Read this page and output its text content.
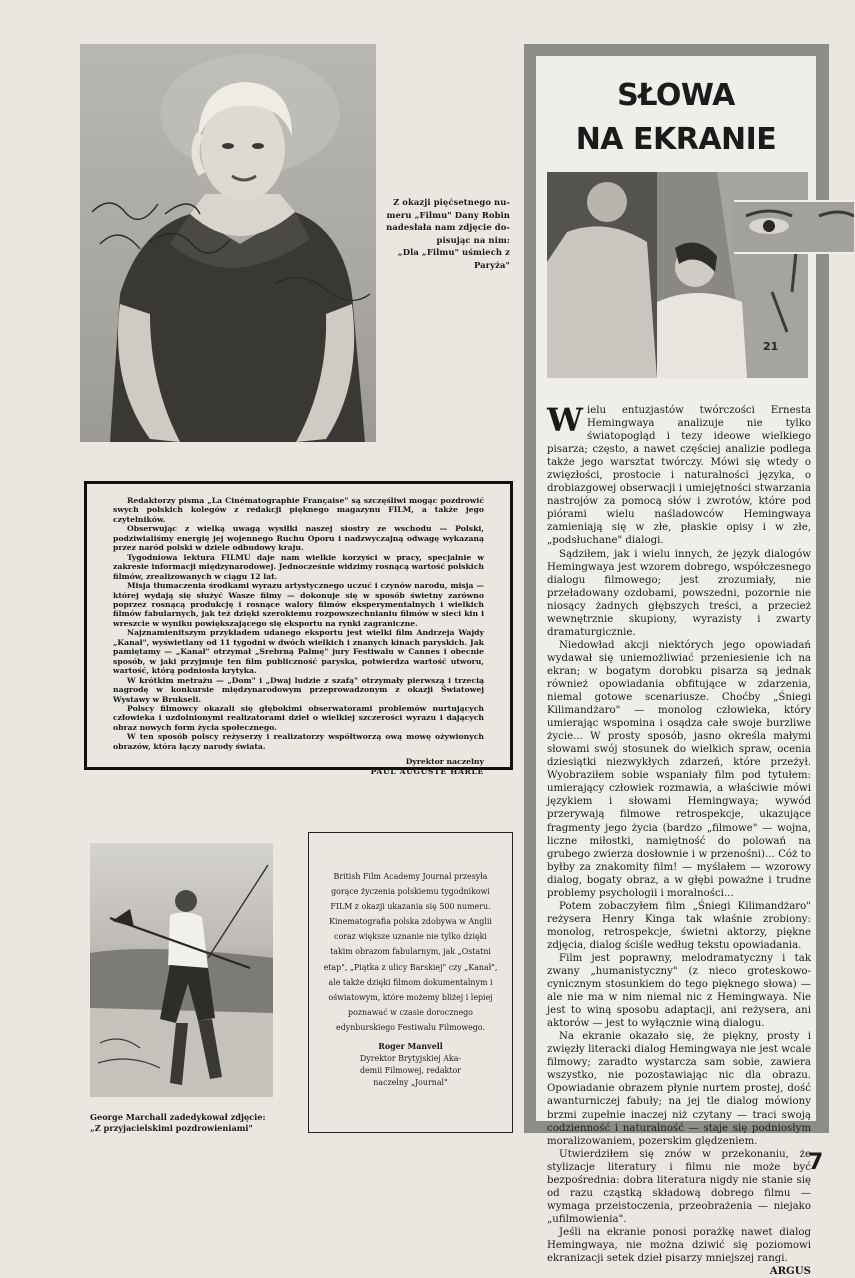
Z okazji pięćsetnego nu-
meru „Filmu" Dany Robin
nadesłała nam zdjęcie do-
pisując na nim:
„Dla „Filmu" uśmiech z
Paryża"

Redaktorzy pisma „La Cinématographie Française" są szczęśliwi mogąc pozdrowić swych polskich kolegów z redakcji pięknego magazynu FILM, a także jego czytelników.

Obserwując z wielką uwagą wysiłki naszej siostry ze wschodu — Polski, podziwialiśmy energię jej wojennego Ruchu Oporu i nadzwyczajną odwagę wykazaną przez naród polski w dziele odbudowy kraju.

Tygodniowa lektura FILMU daje nam wielkie korzyści w pracy, specjalnie w zakresie informacji międzynarodowej. Jednocześnie widzimy rosnącą wartość polskich filmów, zrealizowanych w ciągu 12 lat.

Misja tłumaczenia środkami wyrazu artystycznego uczuć i czynów narodu, misja — której wydają się służyć Wasze filmy — dokonuje się w sposób świetny zarówno poprzez rosnącą produkcję i rosnące walory filmów eksperymentalnych i wielkich filmów fabularnych, jak też dzięki szerokiemu rozpowszechnianiu filmów w sieci kin i wreszcie w wyniku powiększającego się eksportu na rynki zagraniczne.

Najznamienitszym przykładem udanego eksportu jest wielki film Andrzeja Wajdy „Kanał", wyświetlany od 11 tygodni w dwóch wielkich i znanych kinach paryskich. Jak pamiętamy — „Kanał" otrzymał „Srebrną Palmę" jury Festiwalu w Cannes i obecnie sposób, w jaki przyjmuje ten film publiczność paryska, potwierdza wartość utworu, wartość, którą podniosła krytyka.

W krótkim metrażu — „Dom" i „Dwaj ludzie z szafą" otrzymały pierwszą i trzecią nagrodę w konkursie międzynarodowym przeprowadzonym z okazji Światowej Wystawy w Brukseli.

Polscy filmowcy okazali się głębokimi obserwatorami problemów nurtujących człowieka i uzdolnionymi realizatorami dzieł o wielkiej szczerości wyrazu i dających obraz nowych form życia społecznego.

W ten sposób polscy reżyserzy i realizatorzy współtworzą ową mowę ożywionych obrazów, która łączy narody świata.

Dyrektor naczelny

PAUL AUGUSTE HARLE

George Marchall zadedykował zdjęcie:
„Z przyjacielskimi pozdrowieniami"
British Film Academy Journal przesyła gorące życzenia polskiemu tygodnikowi FILM z okazji ukazania się 500 numeru. Kinematografia polska zdobywa w Anglii coraz większe uznanie nie tylko dzięki takim obrazom fabularnym, jak „Ostatni etap", „Piątka z ulicy Barskiej" czy „Kanał", ale także dzięki filmom dokumentalnym i oświatowym, które możemy bliżej i lepiej poznawać w czasie dorocznego edynburskiego Festiwalu Filmowego.
Roger Manvell
Dyrektor Brytyjskiej Aka-
demii Filmowej, redaktor
naczelny „Journal"
SŁOWA
NA EKRANIE
21

Wielu entuzjastów twórczości Ernesta Hemingwaya analizuje nie tylko światopogląd i tezy ideowe wielkiego pisarza; często, a nawet częściej analizie podlega także jego warsztat twórczy. Mówi się wtedy o zwięzłości, prostocie i naturalności języka, o drobiazgowej obserwacji i umiejętności stwarzania nastrojów za pomocą słów i zwrotów, które pod piórami wielu naśladowców Hemingwaya zamieniają się w złe, płaskie opisy i w złe, „podsłuchane" dialogi.

Sądziłem, jak i wielu innych, że język dialogów Hemingwaya jest wzorem dobrego, współczesnego dialogu filmowego; jest zrozumiały, nie przeładowany ozdobami, powszedni, pozornie nie niosący żadnych głębszych treści, a przecież wewnętrznie skupiony, wyrazisty i zwarty dramaturgicznie.

Niedowład akcji niektórych jego opowiadań wydawał się uniemożliwiać przeniesienie ich na ekran; w bogatym dorobku pisarza są jednak również opowiadania obfitujące w zdarzenia, niemal gotowe scenariusze. Choćby „Śniegi Kilimandżaro" — monolog człowieka, który umierając wspomina i osądza całe swoje burzliwe życie... W prosty sposób, jasno określa małymi słowami swój stosunek do wielkich spraw, ocenia dziesiątki niezwykłych zdarzeń, które przeżył. Wyobraziłem sobie wspaniały film pod tytułem: umierający człowiek rozmawia, a właściwie mówi językiem i słowami Hemingwaya; wywód przerywają filmowe retrospekcje, ukazujące fragmenty jego życia (bardzo „filmowe" — wojna, liczne miłostki, namiętność do polowań na grubego zwierza dosłownie i w przenośni)... Cóż to byłby za znakomity film! — myślałem — wzorowy dialog, bogaty obraz, a w głębi poważne i trudne problemy psychologii i moralności...

Potem zobaczyłem film „Śniegi Kilimandżaro" reżysera Henry Kinga tak właśnie zrobiony: monolog, retrospekcje, świetni aktorzy, piękne zdjęcia, dialog ściśle według tekstu opowiadania.

Film jest poprawny, melodramatyczny i tak zwany „humanistyczny" (z nieco groteskowo-cynicznym stosunkiem do tego pięknego słowa) — ale nie ma w nim niemal nic z Hemingwaya. Nie jest to winą sposobu adaptacji, ani reżysera, ani aktorów — jest to wyłącznie winą dialogu.

Na ekranie okazało się, że piękny, prosty i zwięzły literacki dialog Hemingwaya nie jest wcale filmowy; zaradto wystarcza sam sobie, zawiera wszystko, nie pozostawiając nic dla obrazu. Opowiadanie obrazem płynie nurtem prostej, dość awanturniczej fabuły; na jej tle dialog mówiony brzmi zupełnie inaczej niż czytany — traci swoją codzienność i naturalność — staje się podniosłym moralizowaniem, pozerskim ględzeniem.

Utwierdziłem się znów w przekonaniu, że stylizacje literatury i filmu nie może być bezpośrednia: dobra literatura nigdy nie stanie się od razu cząstką składową dobrego filmu — wymaga przeistoczenia, przeobrażenia — niejako „ufilmowienia".

Jeśli na ekranie ponosi porażkę nawet dialog Hemingwaya, nie można dziwić się poziomowi ekranizacji setek dzieł pisarzy mniejszej rangi.

ARGUS

7
